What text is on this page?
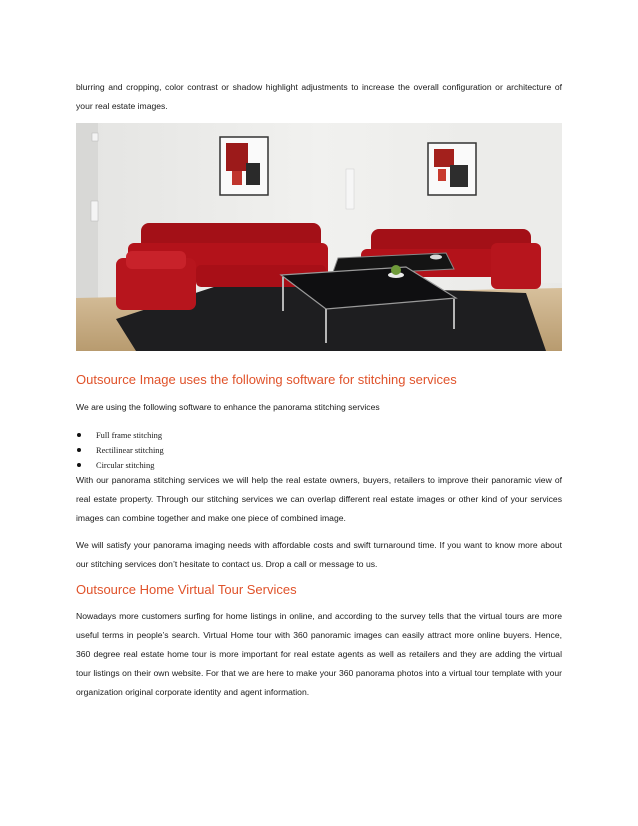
blurring and cropping, color contrast or shadow highlight adjustments to increase the overall configuration or architecture of your real estate images.

Outsource Image uses the following software for stitching services

We are using the following software to enhance the panorama stitching services

Full frame stitching
Rectilinear stitching
Circular stitching

With our panorama stitching services we will help the real estate owners, buyers, retailers to improve their panoramic view of real estate property. Through our stitching services we can overlap different real estate images or other kind of your services images can combine together and make one piece of combined image.

We will satisfy your panorama imaging needs with affordable costs and swift turnaround time. If you want to know more about our stitching services don’t hesitate to contact us. Drop a call or message to us.

Outsource Home Virtual Tour Services

Nowadays more customers surfing for home listings in online, and according to the survey tells that the virtual tours are more useful terms in people’s search. Virtual Home tour with 360 panoramic images can easily attract more online buyers. Hence, 360 degree real estate home tour is more important for real estate agents as well as retailers and they are adding the virtual tour listings on their own website. For that we are here to make your 360 panorama photos into a virtual tour template with your organization original corporate identity and agent information.
